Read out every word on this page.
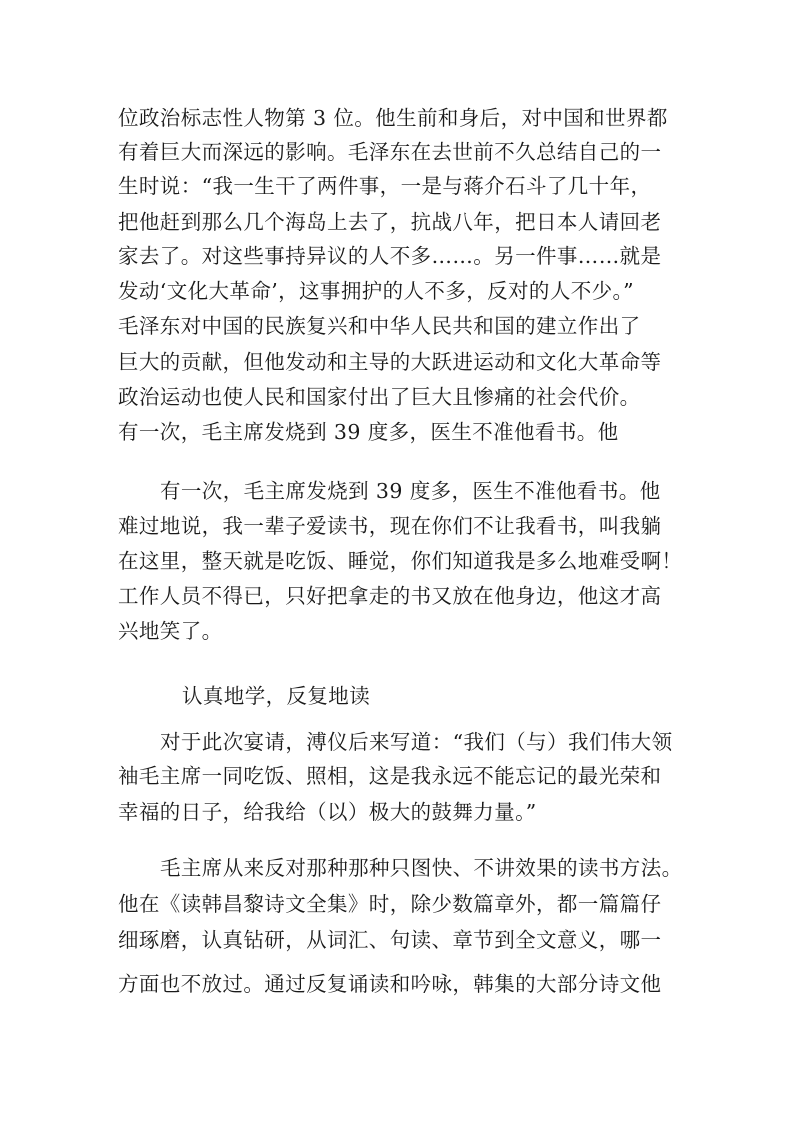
位政治标志性人物第 3 位。他生前和身后，对中国和世界都
有着巨大而深远的影响。毛泽东在去世前不久总结自己的一
生时说：“我一生干了两件事，一是与蒋介石斗了几十年，
把他赶到那么几个海岛上去了，抗战八年，把日本人请回老
家去了。对这些事持异议的人不多……。另一件事……就是
发动‘文化大革命’，这事拥护的人不多，反对的人不少。”
毛泽东对中国的民族复兴和中华人民共和国的建立作出了
巨大的贡献，但他发动和主导的大跃进运动和文化大革命等
政治运动也使人民和国家付出了巨大且惨痛的社会代价。
有一次，毛主席发烧到 39 度多，医生不准他看书。他
有一次，毛主席发烧到 39 度多，医生不准他看书。他
难过地说，我一辈子爱读书，现在你们不让我看书，叫我躺
在这里，整天就是吃饭、睡觉，你们知道我是多么地难受啊！
工作人员不得已，只好把拿走的书又放在他身边，他这才高
兴地笑了。
认真地学，反复地读
对于此次宴请，溥仪后来写道：“我们（与）我们伟大领
袖毛主席一同吃饭、照相，这是我永远不能忘记的最光荣和
幸福的日子，给我给（以）极大的鼓舞力量。”
毛主席从来反对那种那种只图快、不讲效果的读书方法。
他在《读韩昌黎诗文全集》时，除少数篇章外，都一篇篇仔
细琢磨，认真钻研，从词汇、句读、章节到全文意义，哪一
方面也不放过。通过反复诵读和吟咏，韩集的大部分诗文他
